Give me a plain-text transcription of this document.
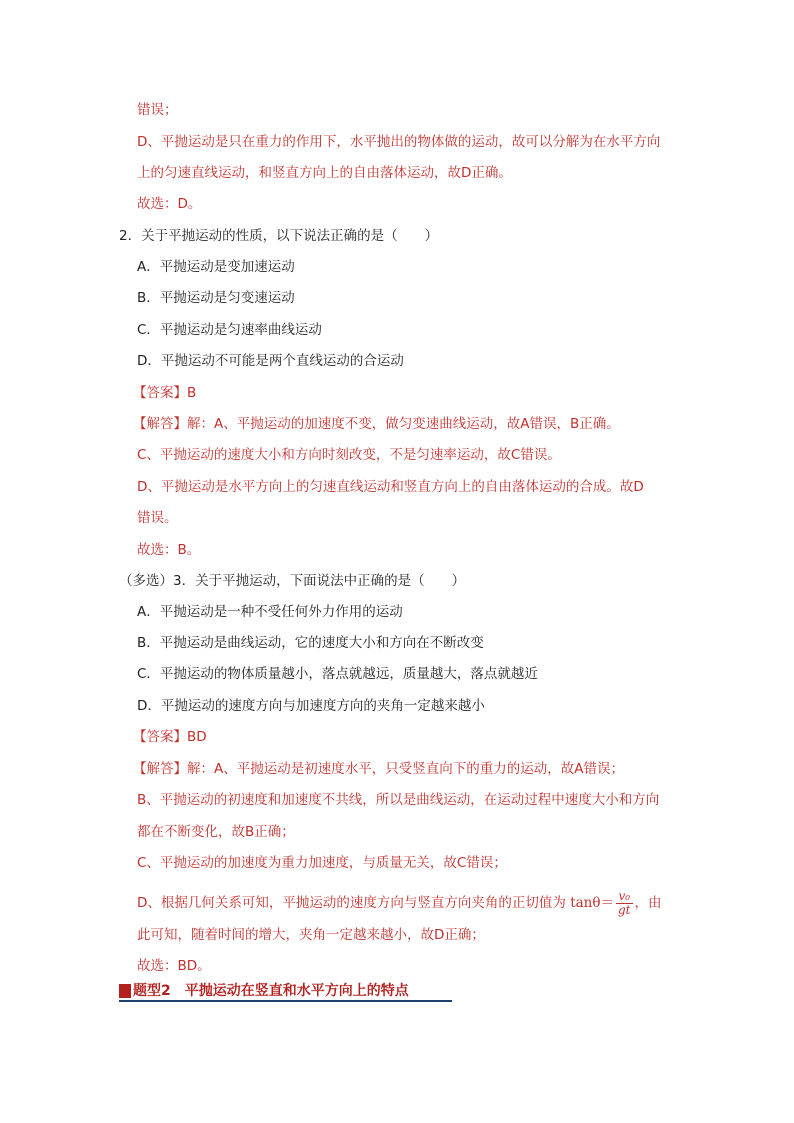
错误；
D、平抛运动是只在重力的作用下，水平抛出的物体做的运动，故可以分解为在水平方向
上的匀速直线运动，和竖直方向上的自由落体运动，故D正确。
故选：D。
2．关于平抛运动的性质，以下说法正确的是（　　）
A．平抛运动是变加速运动
B．平抛运动是匀变速运动
C．平抛运动是匀速率曲线运动
D．平抛运动不可能是两个直线运动的合运动
【答案】B
【解答】解：A、平抛运动的加速度不变，做匀变速曲线运动，故A错误，B正确。
C、平抛运动的速度大小和方向时刻改变，不是匀速率运动，故C错误。
D、平抛运动是水平方向上的匀速直线运动和竖直方向上的自由落体运动的合成。故D
错误。
故选：B。
（多选）3．关于平抛运动，下面说法中正确的是（　　）
A．平抛运动是一种不受任何外力作用的运动
B．平抛运动是曲线运动，它的速度大小和方向在不断改变
C．平抛运动的物体质量越小，落点就越远，质量越大，落点就越近
D．平抛运动的速度方向与加速度方向的夹角一定越来越小
【答案】BD
【解答】解：A、平抛运动是初速度水平，只受竖直向下的重力的运动，故A错误；
B、平抛运动的初速度和加速度不共线，所以是曲线运动，在运动过程中速度大小和方向
都在不断变化，故B正确；
C、平抛运动的加速度为重力加速度，与质量无关，故C错误；
D、根据几何关系可知，平抛运动的速度方向与竖直方向夹角的正切值为 $\tan\theta= \frac{\text{v₀}}{gt}$ ，由
此可知，随着时间的增大，夹角一定越来越小，故D正确；
故选：BD。
题型2　平抛运动在竖直和水平方向上的特点
